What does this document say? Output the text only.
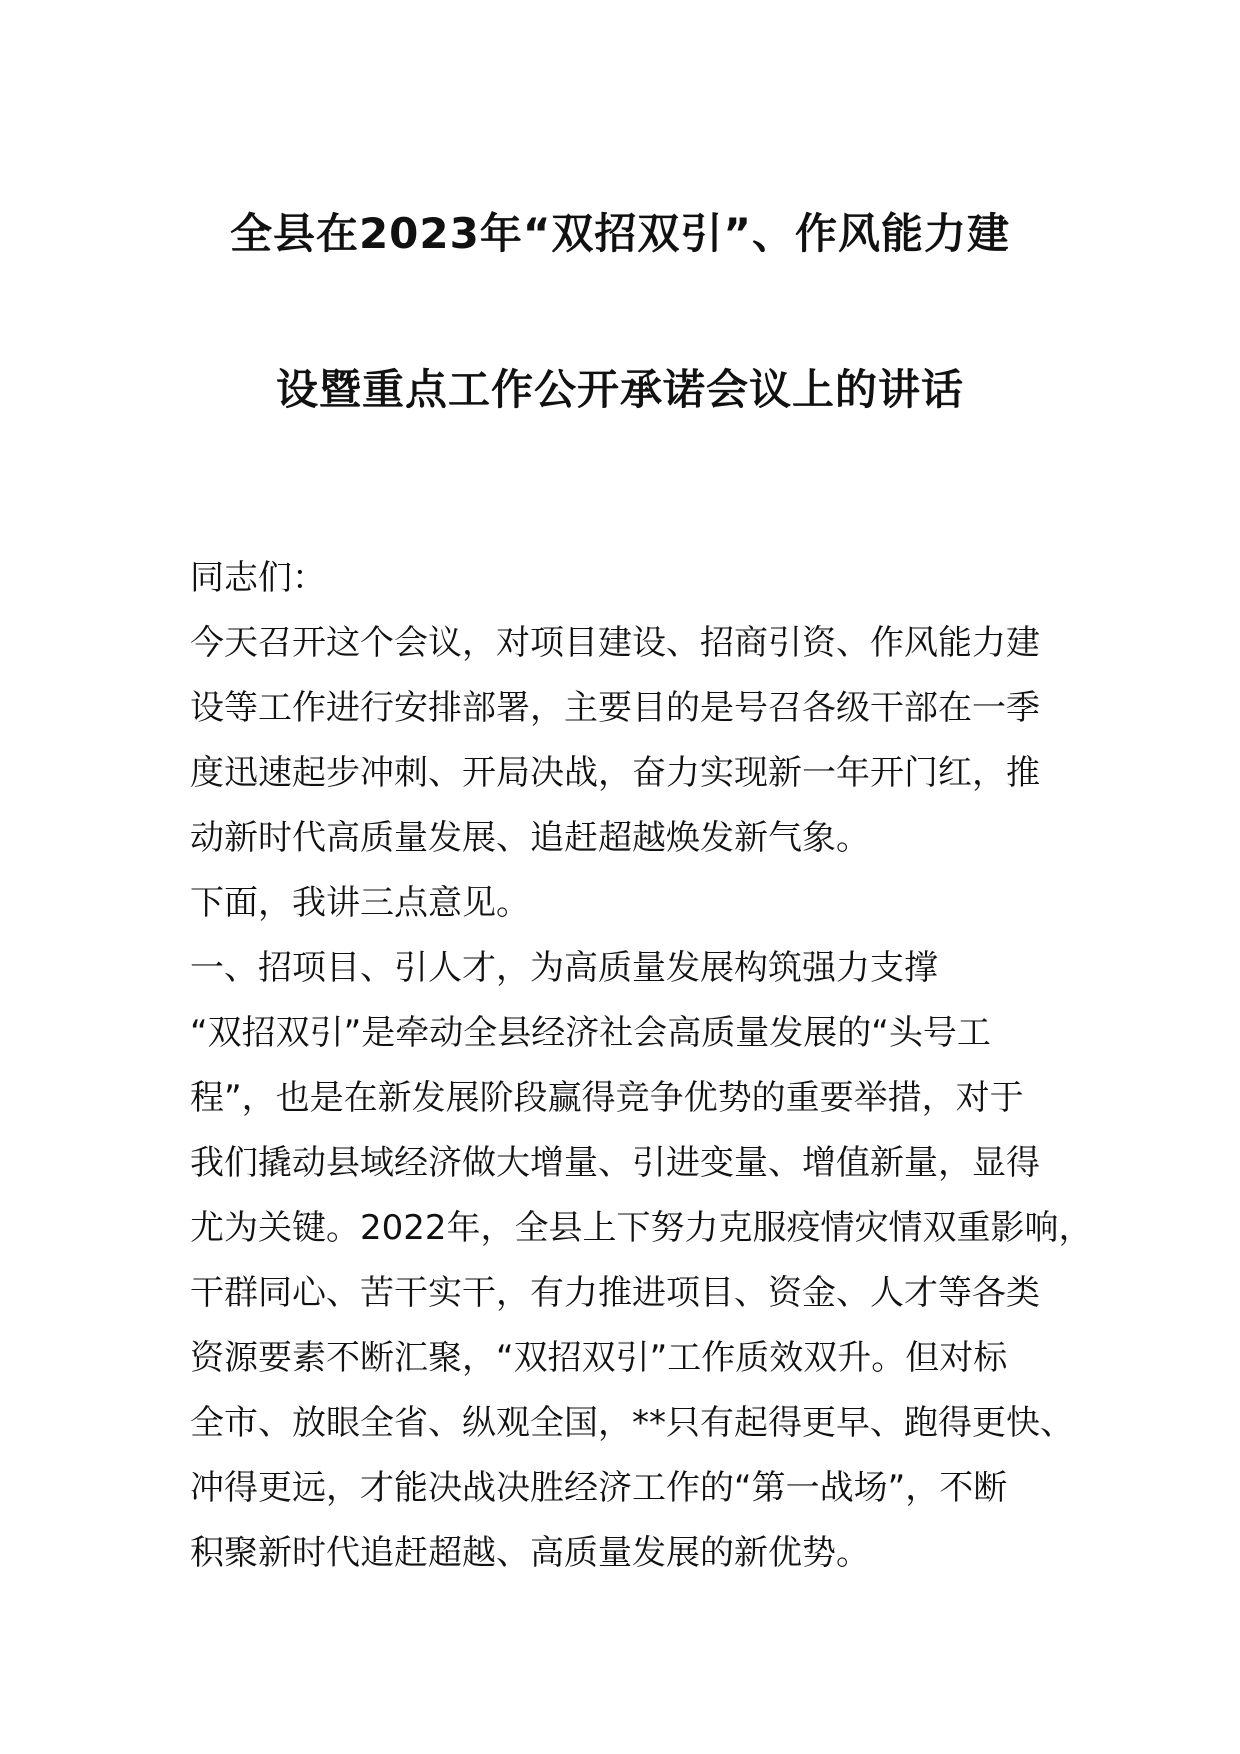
全县在2023年“双招双引”、作风能力建
设暨重点工作公开承诺会议上的讲话
同志们：
今天召开这个会议，对项目建设、招商引资、作风能力建
设等工作进行安排部署，主要目的是号召各级干部在一季
度迅速起步冲刺、开局决战，奋力实现新一年开门红，推
动新时代高质量发展、追赶超越焕发新气象。
下面，我讲三点意见。
一、招项目、引人才，为高质量发展构筑强力支撑
“双招双引”是牵动全县经济社会高质量发展的“头号工
程”，也是在新发展阶段赢得竞争优势的重要举措，对于
我们撬动县域经济做大增量、引进变量、增值新量，显得
尤为关键。2022年，全县上下努力克服疫情灾情双重影响，
干群同心、苦干实干，有力推进项目、资金、人才等各类
资源要素不断汇聚，“双招双引”工作质效双升。但对标
全市、放眼全省、纵观全国，**只有起得更早、跑得更快、
冲得更远，才能决战决胜经济工作的“第一战场”，不断
积聚新时代追赶超越、高质量发展的新优势。
